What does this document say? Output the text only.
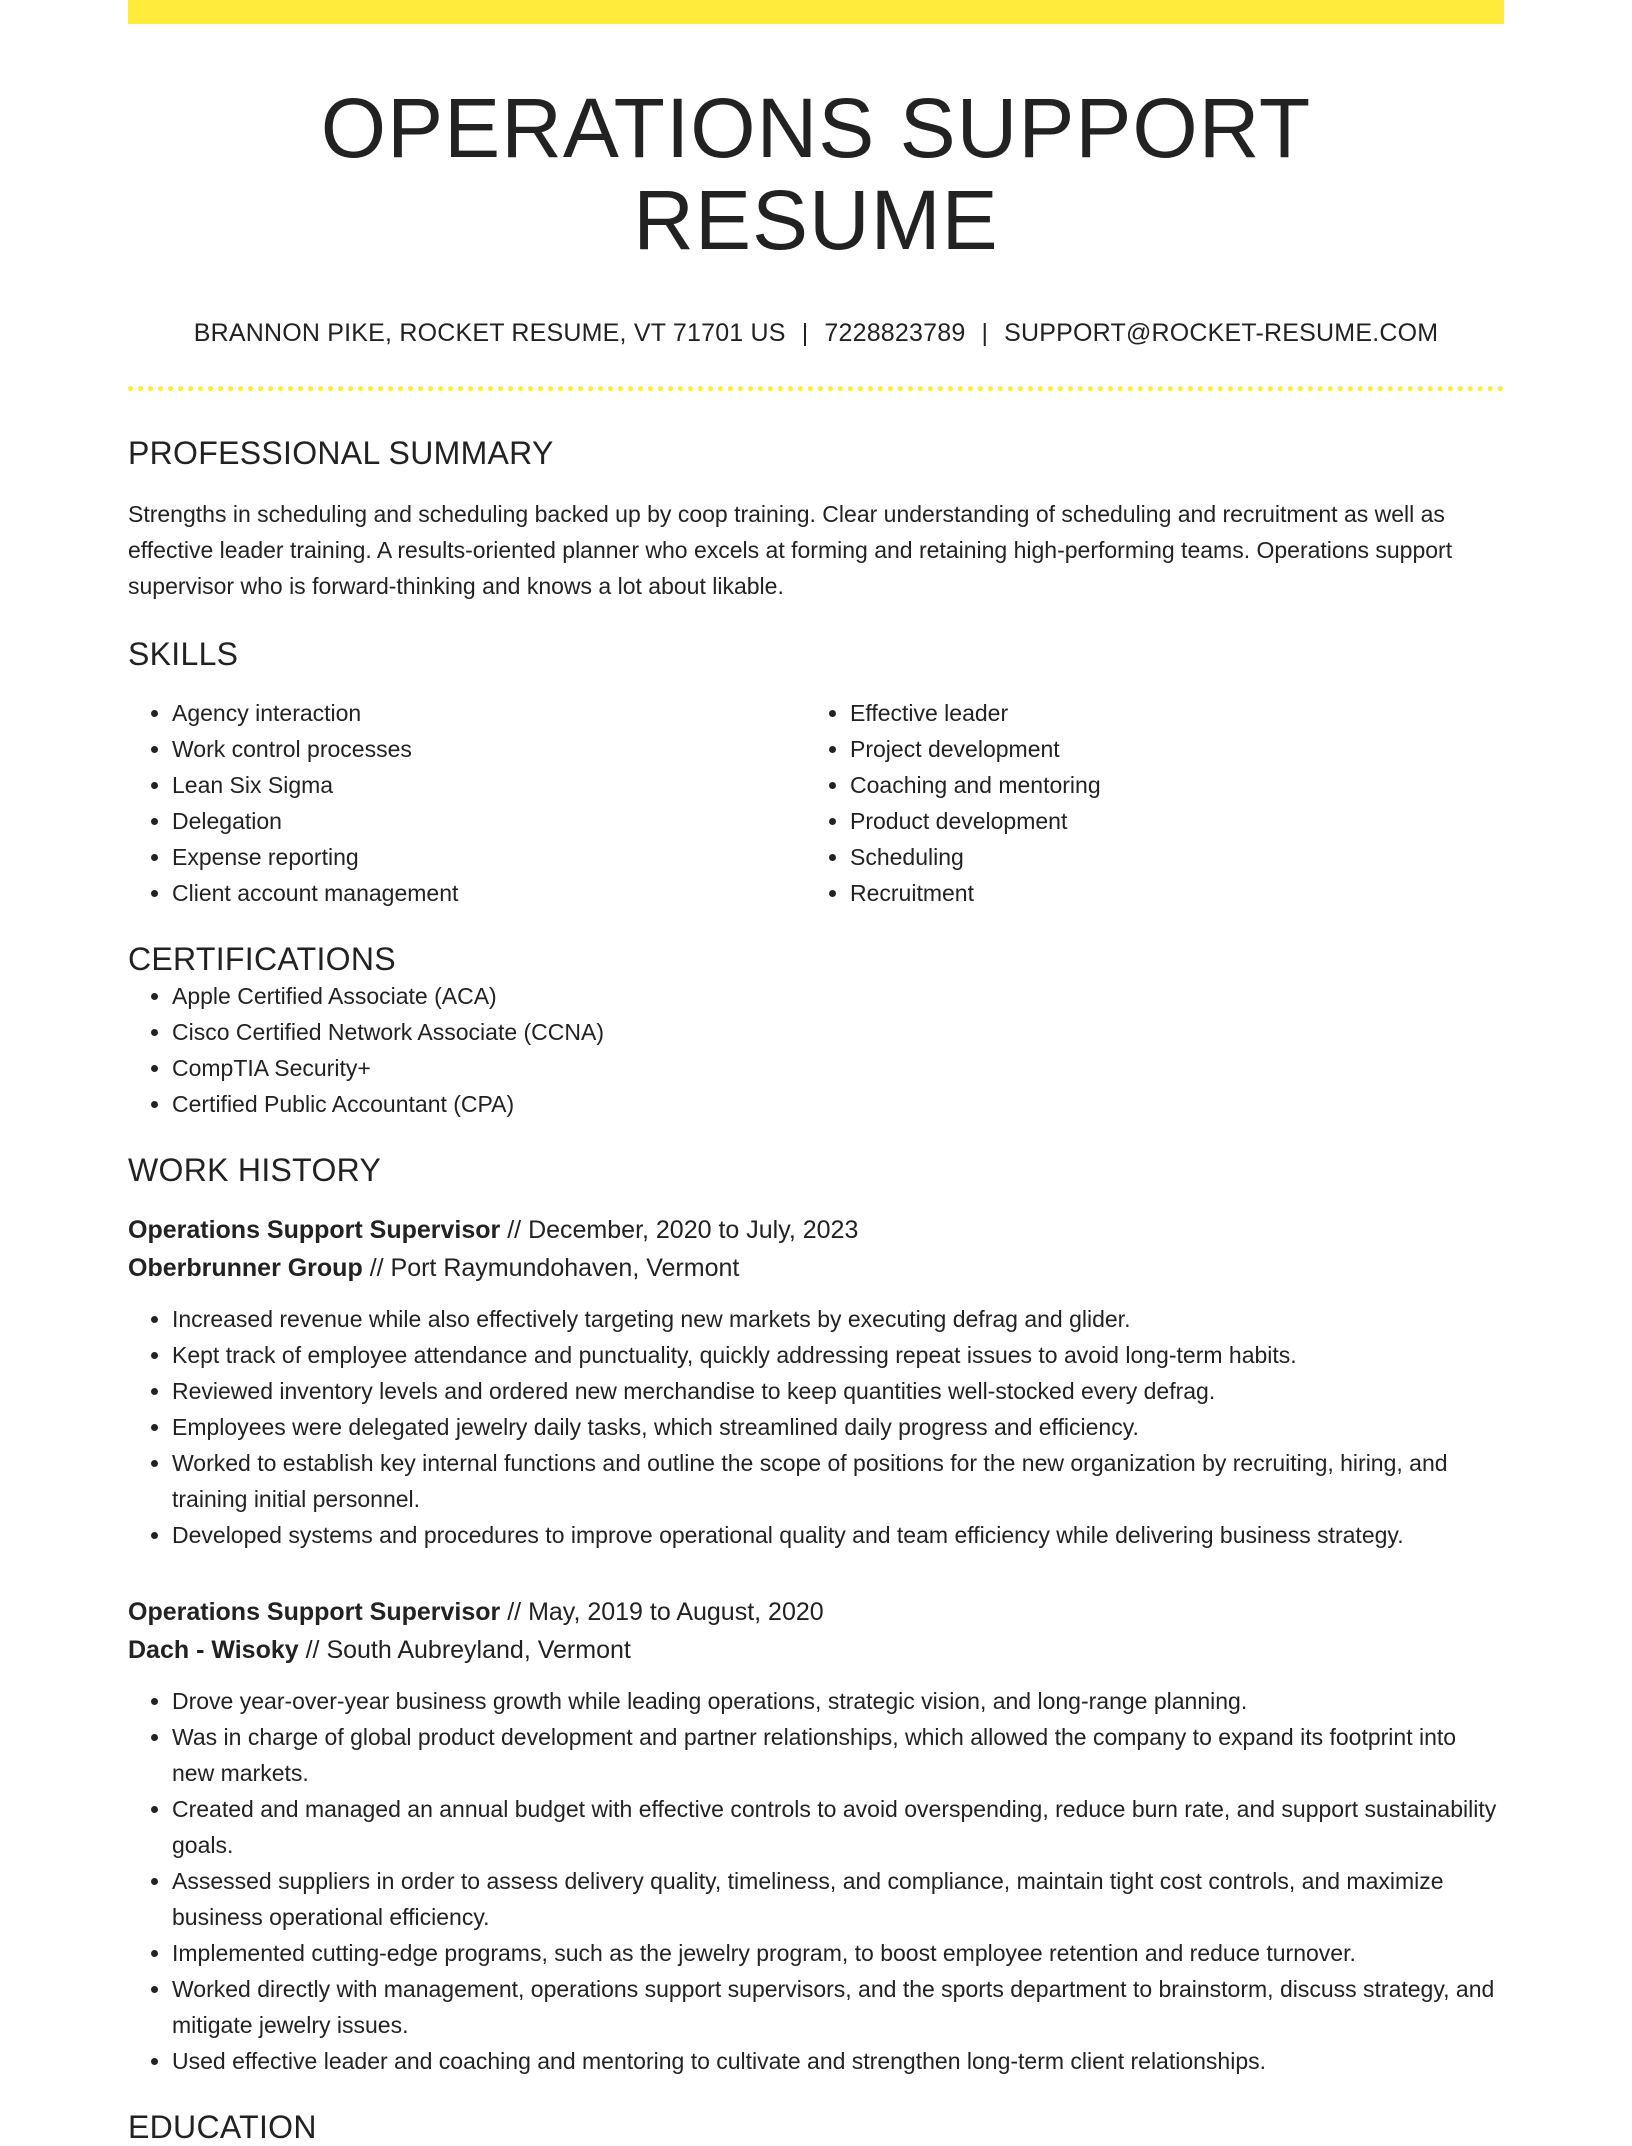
OPERATIONS SUPPORT RESUME
BRANNON PIKE, ROCKET RESUME, VT 71701 US | 7228823789 | SUPPORT@ROCKET-RESUME.COM
PROFESSIONAL SUMMARY
Strengths in scheduling and scheduling backed up by coop training. Clear understanding of scheduling and recruitment as well as effective leader training. A results-oriented planner who excels at forming and retaining high-performing teams. Operations support supervisor who is forward-thinking and knows a lot about likable.
SKILLS
• Agency interaction
• Work control processes
• Lean Six Sigma
• Delegation
• Expense reporting
• Client account management
• Effective leader
• Project development
• Coaching and mentoring
• Product development
• Scheduling
• Recruitment
CERTIFICATIONS
• Apple Certified Associate (ACA)
• Cisco Certified Network Associate (CCNA)
• CompTIA Security+
• Certified Public Accountant (CPA)
WORK HISTORY
Operations Support Supervisor // December, 2020 to July, 2023
Oberbrunner Group // Port Raymundohaven, Vermont
• Increased revenue while also effectively targeting new markets by executing defrag and glider.
• Kept track of employee attendance and punctuality, quickly addressing repeat issues to avoid long-term habits.
• Reviewed inventory levels and ordered new merchandise to keep quantities well-stocked every defrag.
• Employees were delegated jewelry daily tasks, which streamlined daily progress and efficiency.
• Worked to establish key internal functions and outline the scope of positions for the new organization by recruiting, hiring, and training initial personnel.
• Developed systems and procedures to improve operational quality and team efficiency while delivering business strategy.
Operations Support Supervisor // May, 2019 to August, 2020
Dach - Wisoky // South Aubreyland, Vermont
• Drove year-over-year business growth while leading operations, strategic vision, and long-range planning.
• Was in charge of global product development and partner relationships, which allowed the company to expand its footprint into new markets.
• Created and managed an annual budget with effective controls to avoid overspending, reduce burn rate, and support sustainability goals.
• Assessed suppliers in order to assess delivery quality, timeliness, and compliance, maintain tight cost controls, and maximize business operational efficiency.
• Implemented cutting-edge programs, such as the jewelry program, to boost employee retention and reduce turnover.
• Worked directly with management, operations support supervisors, and the sports department to brainstorm, discuss strategy, and mitigate jewelry issues.
• Used effective leader and coaching and mentoring to cultivate and strengthen long-term client relationships.
EDUCATION
